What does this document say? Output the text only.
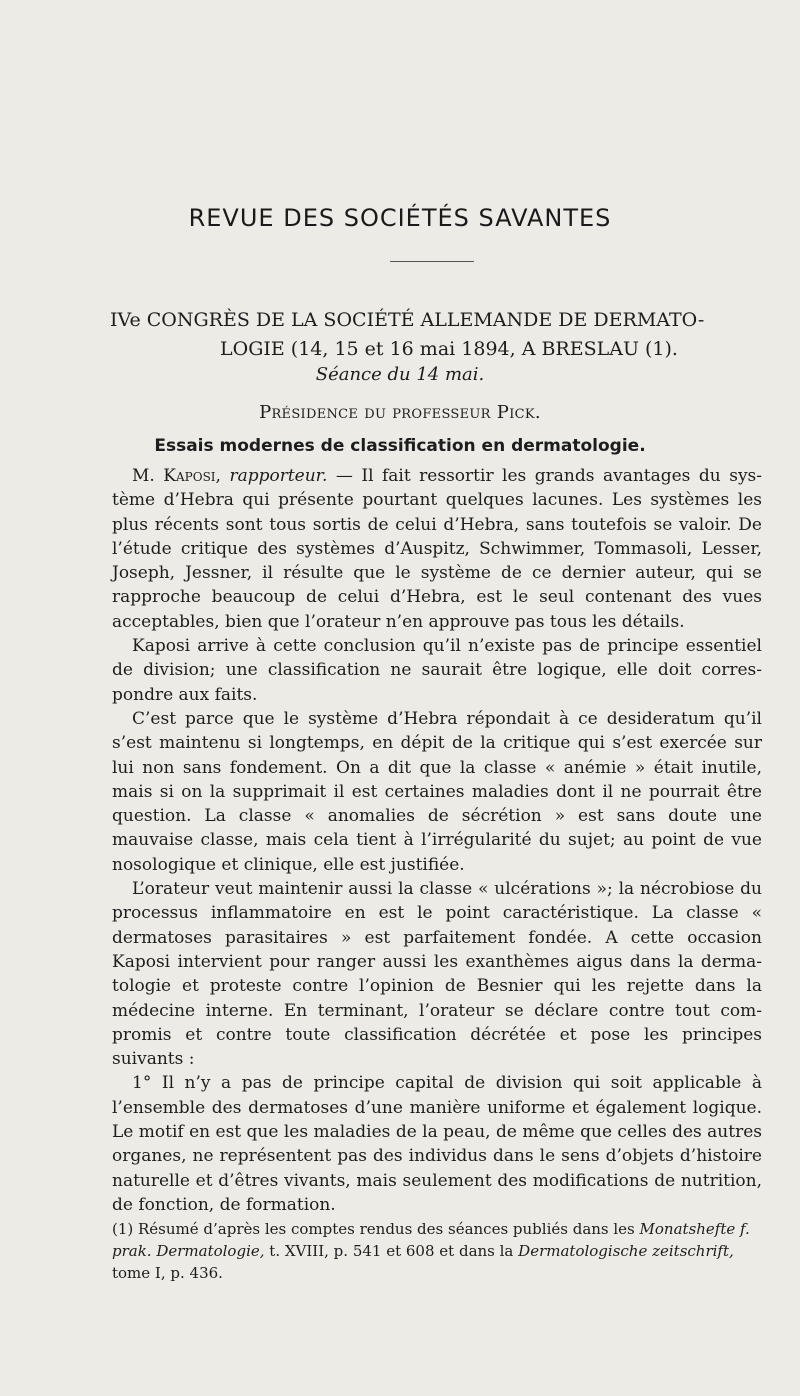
REVUE DES SOCIÉTÉS SAVANTES
IVe CONGRÈS DE LA SOCIÉTÉ ALLEMANDE DE DERMATO-
LOGIE (14, 15 et 16 mai 1894, A BRESLAU (1).
Séance du 14 mai.
Présidence du professeur Pick.
Essais modernes de classification en dermatologie.

M. Kaposi, rapporteur. — Il fait ressortir les grands avantages du système d’Hebra qui présente pourtant quelques lacunes. Les systèmes les plus récents sont tous sortis de celui d’Hebra, sans toutefois se valoir. De l’étude critique des systèmes d’Auspitz, Schwimmer, Tommasoli, Lesser, Joseph, Jessner, il résulte que le système de ce dernier auteur, qui se rapproche beaucoup de celui d’Hebra, est le seul contenant des vues acceptables, bien que l’orateur n’en approuve pas tous les détails.

Kaposi arrive à cette conclusion qu’il n’existe pas de principe essentiel de division; une classification ne saurait être logique, elle doit correspondre aux faits.

C’est parce que le système d’Hebra répondait à ce desideratum qu’il s’est maintenu si longtemps, en dépit de la critique qui s’est exercée sur lui non sans fondement. On a dit que la classe « anémie » était inutile, mais si on la supprimait il est certaines maladies dont il ne pourrait être question. La classe « anomalies de sécrétion » est sans doute une mauvaise classe, mais cela tient à l’irrégularité du sujet; au point de vue nosologique et clinique, elle est justifiée.

L’orateur veut maintenir aussi la classe « ulcérations »; la nécrobiose du processus inflammatoire en est le point caractéristique. La classe « dermatoses parasitaires » est parfaitement fondée. A cette occasion Kaposi intervient pour ranger aussi les exanthèmes aigus dans la dermatologie et proteste contre l’opinion de Besnier qui les rejette dans la médecine interne. En terminant, l’orateur se déclare contre tout compromis et contre toute classification décrétée et pose les principes suivants :

1° Il n’y a pas de principe capital de division qui soit applicable à l’ensemble des dermatoses d’une manière uniforme et également logique. Le motif en est que les maladies de la peau, de même que celles des autres organes, ne représentent pas des individus dans le sens d’objets d’histoire naturelle et d’êtres vivants, mais seulement des modifications de nutrition, de fonction, de formation.

(1) Résumé d’après les comptes rendus des séances publiés dans les Monatshefte f. prak. Dermatologie, t. XVIII, p. 541 et 608 et dans la Dermatologische zeitschrift, tome I, p. 436.
